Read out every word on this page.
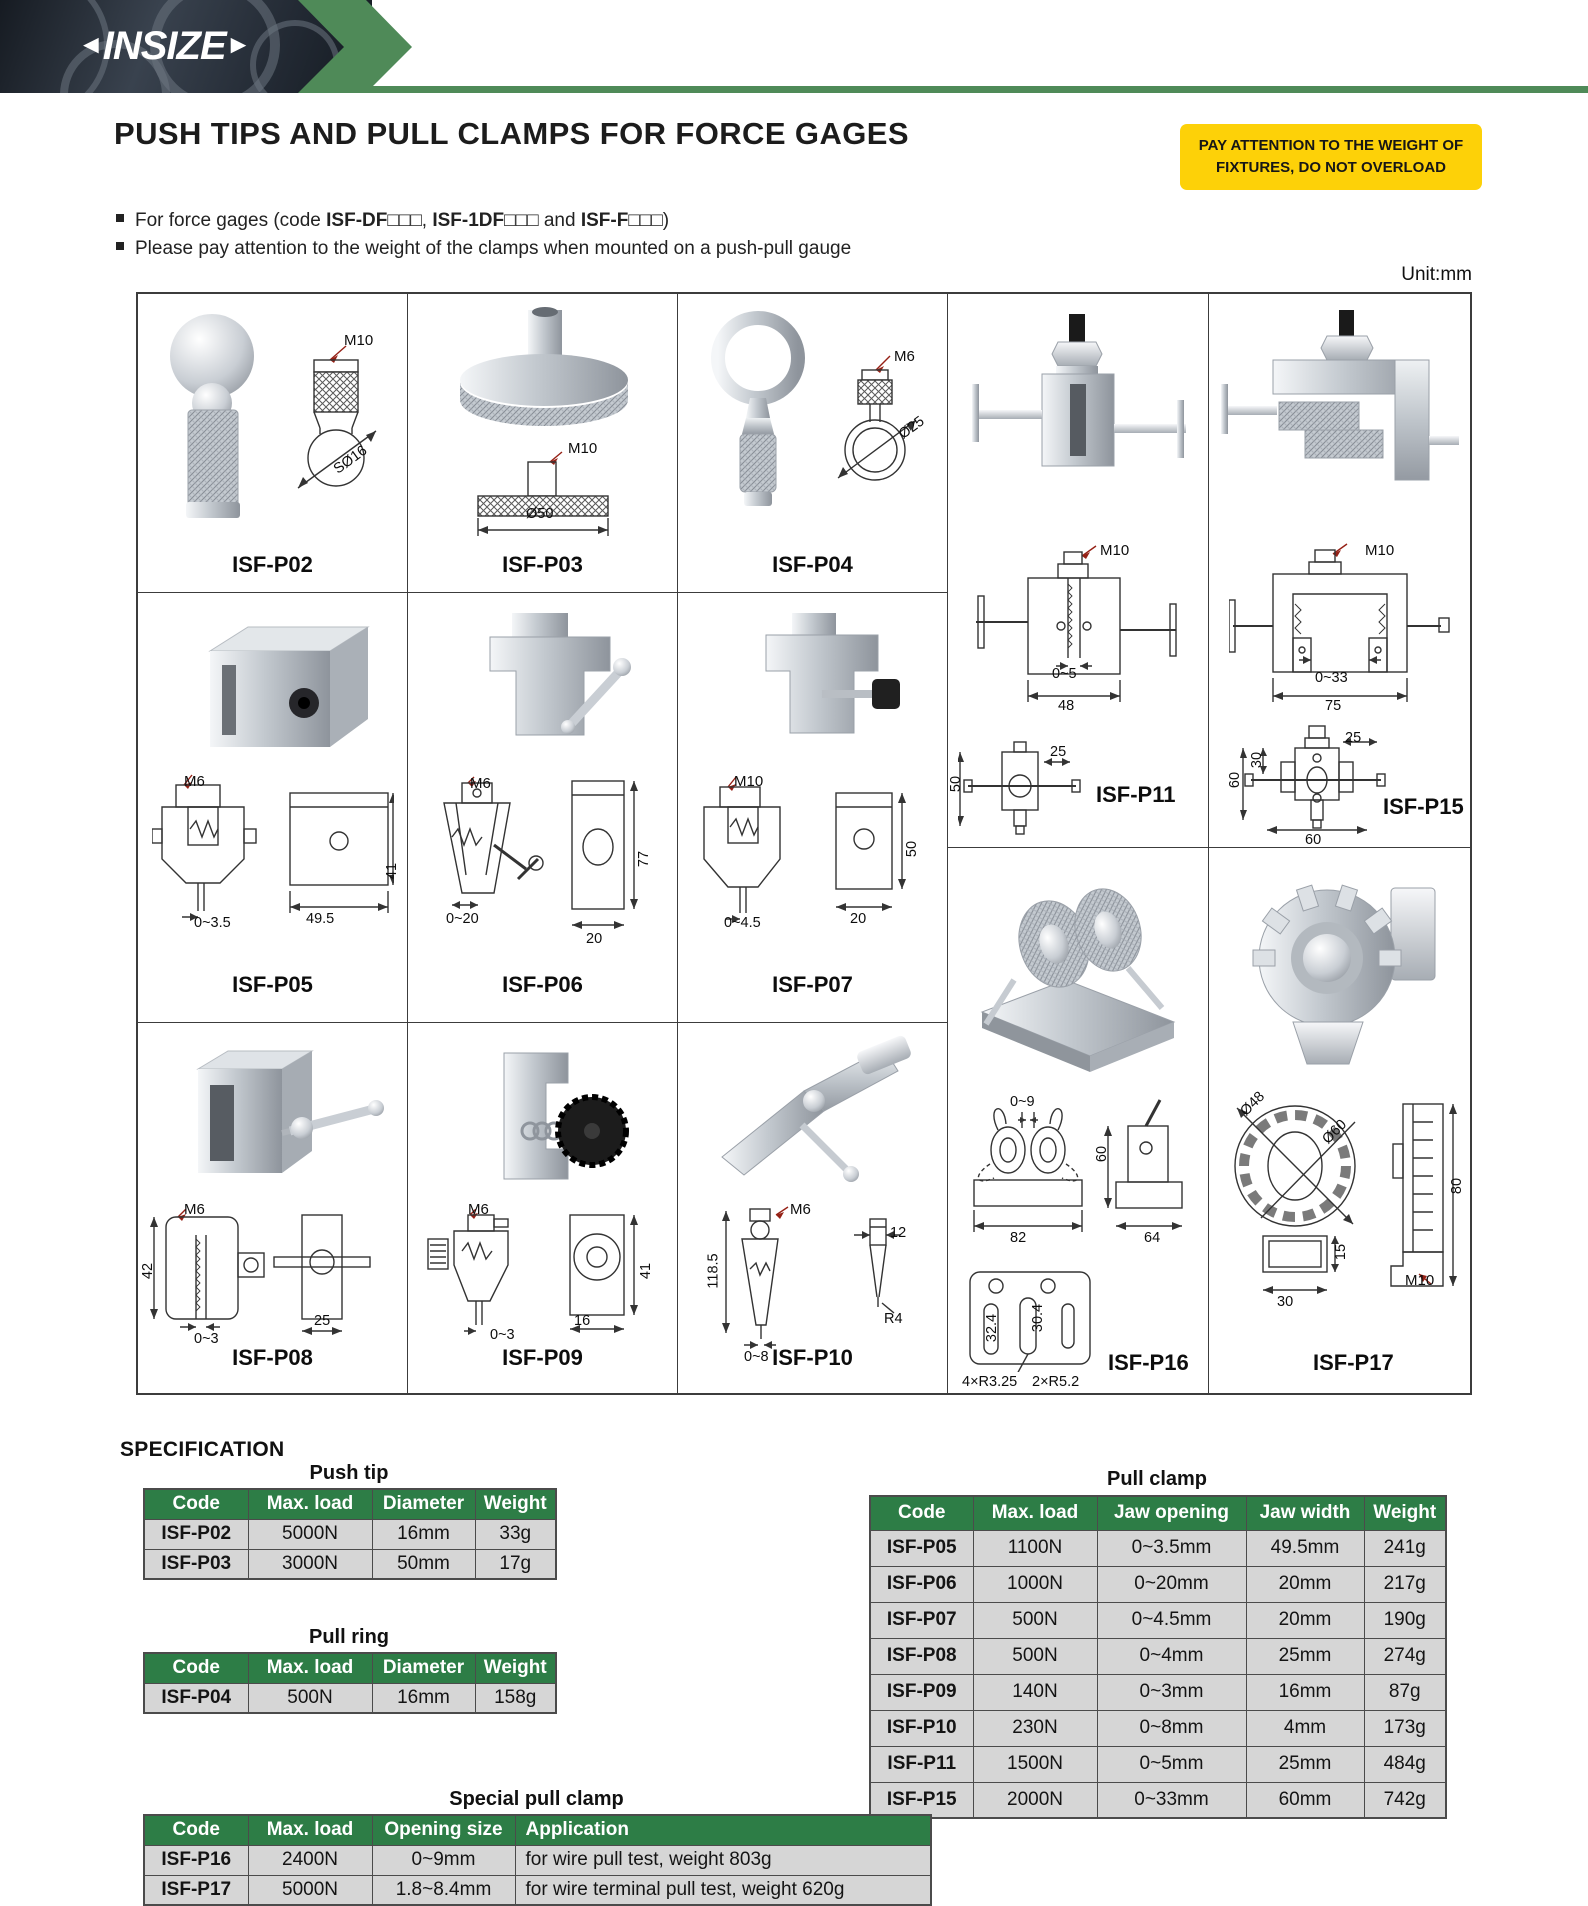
◄INSIZE►
PUSH TIPS AND PULL CLAMPS FOR FORCE GAGES	PAY ATTENTION TO THE WEIGHT OF
FIXTURES, DO NOT OVERLOAD
For force gages (code ISF-DF□□□, ISF-1DF□□□ and ISF-F□□□)
Please pay attention to the weight of the clamps when mounted on a push-pull gauge
Unit:mm
M10
SØ16
ISF-P02
M10
Ø50
ISF-P03
M6
Ø25
ISF-P04
M6
0~3.5	49.5
41
ISF-P05
M6
0~20
20
77
ISF-P06
M10
0~4.5	20
50
ISF-P07
M6
42
0~3
25
ISF-P08
M6
0~3
16
41
ISF-P09
M6
118.5
0~8
12
R4
ISF-P10
M10
0~5
48
50
25
ISF-P11
M10
0~33
75
60
30
25
60
ISF-P15
0~9
82
60
64
32.4 30.4
4×R3.25 2×R5.2
ISF-P16
Ø48
Ø60
15
30
80
M10
ISF-P17
SPECIFICATION
Push tip
Code	Max. load	Diameter	Weight
ISF-P02	5000N	16mm	33g
ISF-P03	3000N	50mm	17g
Pull ring
Code	Max. load	Diameter	Weight
ISF-P04	500N	16mm	158g
Pull clamp
Code	Max. load	Jaw opening	Jaw width	Weight
ISF-P05	1100N	0~3.5mm	49.5mm	241g
ISF-P06	1000N	0~20mm	20mm	217g
ISF-P07	500N	0~4.5mm	20mm	190g
ISF-P08	500N	0~4mm	25mm	274g
ISF-P09	140N	0~3mm	16mm	87g
ISF-P10	230N	0~8mm	4mm	173g
ISF-P11	1500N	0~5mm	25mm	484g
ISF-P15	2000N	0~33mm	60mm	742g
Special pull clamp
Code	Max. load	Opening size	Application
ISF-P16	2400N	0~9mm	for wire pull test, weight 803g
ISF-P17	5000N	1.8~8.4mm	for wire terminal pull test, weight 620g
